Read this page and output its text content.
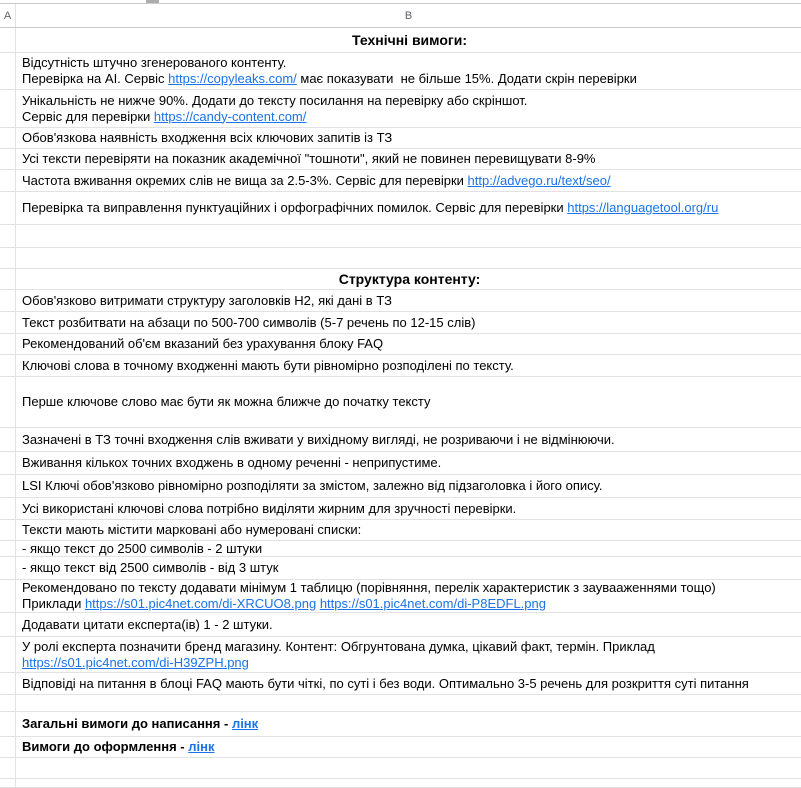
A	B
Технічні вимоги:
Відсутність штучно згенерованого контенту.
Перевірка на AI. Сервіс https://copyleaks.com/ має показувати  не більше 15%. Додати скрін перевірки
Унікальність не нижче 90%. Додати до тексту посилання на перевірку або скріншот.
Сервіс для перевірки https://candy-content.com/
Обов'язкова наявність входження всіх ключових запитів із ТЗ
Усі тексти перевіряти на показник академічної "тошноти", який не повинен перевищувати 8-9%
Частота вживання окремих слів не вища за 2.5-3%. Сервіс для перевірки http://advego.ru/text/seo/
Перевірка та виправлення пунктуаційних і орфографічних помилок. Сервіс для перевірки https://languagetool.org/ru
Структура контенту:
Обов'язково витримати структуру заголовків H2, які дані в ТЗ
Текст розбитвати на абзаци по 500-700 символів (5-7 речень по 12-15 слів)
Рекомендований об'єм вказаний без урахування блоку FAQ
Ключові слова в точному входженні мають бути рівномірно розподілені по тексту.
Перше ключове слово має бути як можна ближче до початку тексту
Зазначені в ТЗ точні входження слів вживати у вихідному вигляді, не розриваючи і не відмінюючи.
Вживання кількох точних входжень в одному реченні - неприпустиме.
LSI Ключі обов'язково рівномірно розподіляти за змістом, залежно від підзаголовка і його опису.
Усі використані ключові слова потрібно виділяти жирним для зручності перевірки.
Тексти мають містити марковані або нумеровані списки:
- якщо текст до 2500 символів - 2 штуки
- якщо текст від 2500 символів - від 3 штук
Рекомендовано по тексту додавати мінімум 1 таблицю (порівняння, перелік характеристик з заувааженнями тощо)
Приклади https://s01.pic4net.com/di-XRCUO8.png https://s01.pic4net.com/di-P8EDFL.png
Додавати цитати експерта(ів) 1 - 2 штуки.
У ролі експерта позначити бренд магазину. Контент: Обгрунтована думка, цікавий факт, термін. Приклад
https://s01.pic4net.com/di-H39ZPH.png
Відповіді на питання в блоці FAQ мають бути чіткі, по суті і без води. Оптимально 3-5 речень для розкриття суті питання
Загальні вимоги до написання - лінк
Вимоги до оформлення - лінк
